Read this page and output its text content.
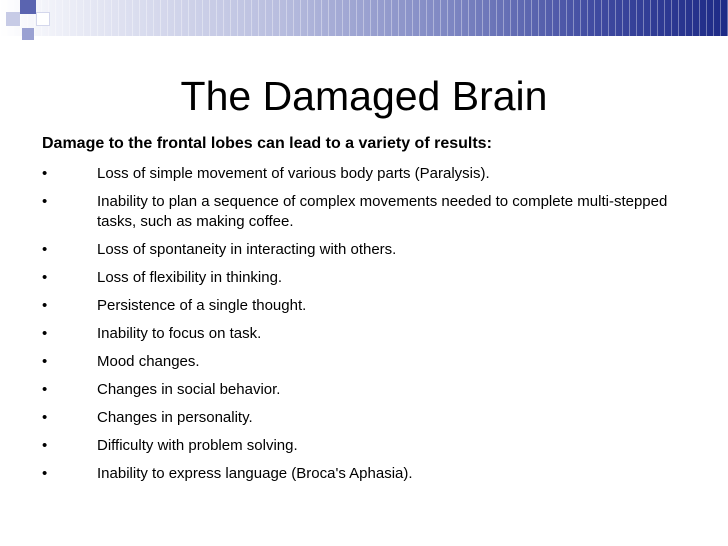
The Damaged Brain
Damage to the frontal lobes can lead to a variety of results:
•	Loss of simple movement of various body parts (Paralysis).
•	Inability to plan a sequence of complex movements needed to complete multi-stepped tasks, such as making coffee.
•	Loss of spontaneity in interacting with others.
•	Loss of flexibility in thinking.
•	Persistence of a single thought.
•	Inability to focus on task.
•	Mood changes.
•	Changes in social behavior.
•	Changes in personality.
•	Difficulty with problem solving.
•	Inability to express language (Broca's Aphasia).
